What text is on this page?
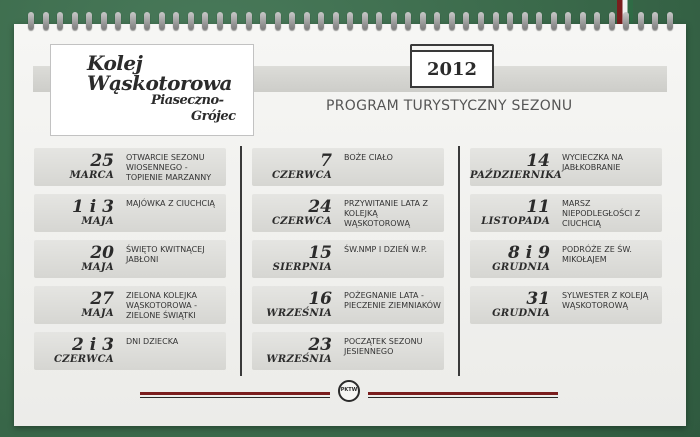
Kolej
Wąskotorowa
Piaseczno-
Grójec
2012
PROGRAM TURYSTYCZNY SEZONU
25
MARCA
OTWARCIE SEZONU WIOSENNEGO - TOPIENIE MARZANNY
1 i 3
MAJA
MAJÓWKA Z CIUCHCIĄ
20
MAJA
ŚWIĘTO KWITNĄCEJ JABŁONI
27
MAJA
ZIELONA KOLEJKA WĄSKOTOROWA - ZIELONE ŚWIĄTKI
2 i 3
CZERWCA
DNI DZIECKA
7
CZERWCA
BOŻE CIAŁO
24
CZERWCA
PRZYWITANIE LATA Z KOLEJKĄ WĄSKOTOROWĄ
15
SIERPNIA
ŚW.NMP I DZIEŃ W.P.
16
WRZEŚNIA
POŻEGNANIE LATA - PIECZENIE ZIEMNIAKÓW
23
WRZEŚNIA
POCZĄTEK SEZONU JESIENNEGO
14
PAŹDZIERNIKA
WYCIECZKA NA JABŁKOBRANIE
11
LISTOPADA
MARSZ NIEPODLEGŁOŚCI Z CIUCHCIĄ
8 i 9
GRUDNIA
PODRÓŻE ZE ŚW. MIKOŁAJEM
31
GRUDNIA
SYLWESTER Z KOLEJĄ WĄSKOTOROWĄ
PKTW
